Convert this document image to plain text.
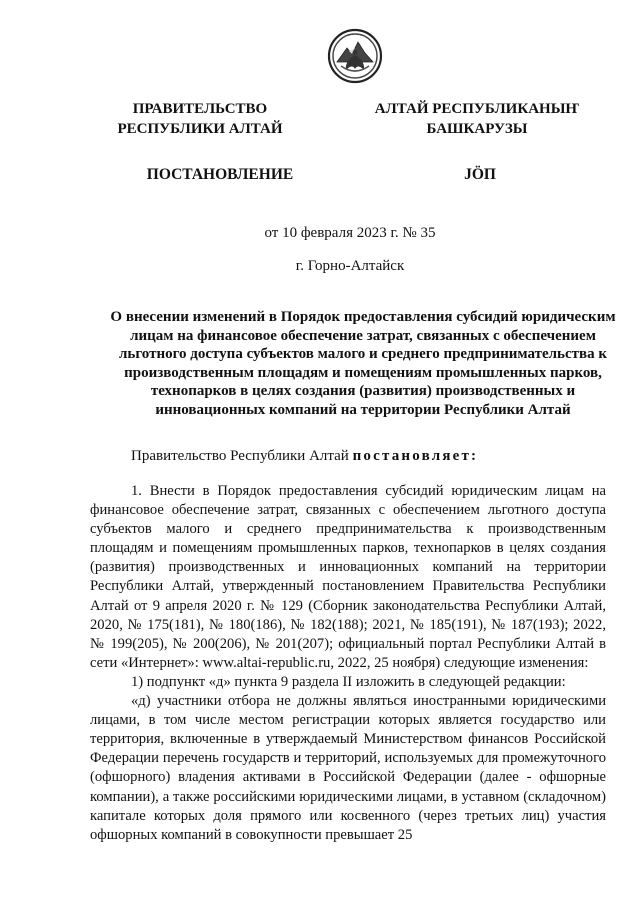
ПРАВИТЕЛЬСТВО
РЕСПУБЛИКИ АЛТАЙ
АЛТАЙ РЕСПУБЛИКАНЫҤ
БАШКАРУЗЫ
ПОСТАНОВЛЕНИЕ	JӦП

от 10 февраля 2023 г. № 35

г. Горно-Алтайск

О внесении изменений в Порядок предоставления субсидий юридическим лицам на финансовое обеспечение затрат, связанных с обеспечением льготного доступа субъектов малого и среднего предпринимательства к производственным площадям и помещениям промышленных парков, технопарков в целях создания (развития) производственных и инновационных компаний на территории Республики Алтай

Правительство Республики Алтай постановляет:

1. Внести в Порядок предоставления субсидий юридическим лицам на финансовое обеспечение затрат, связанных с обеспечением льготного доступа субъектов малого и среднего предпринимательства к производственным площадям и помещениям промышленных парков, технопарков в целях создания (развития) производственных и инновационных компаний на территории Республики Алтай, утвержденный постановлением Правительства Республики Алтай от 9 апреля 2020 г. № 129 (Сборник законодательства Республики Алтай, 2020, № 175(181), № 180(186), № 182(188); 2021, № 185(191), № 187(193); 2022, № 199(205), № 200(206), № 201(207); официальный портал Республики Алтай в сети «Интернет»: www.altai-republic.ru, 2022, 25 ноября) следующие изменения:

1) подпункт «д» пункта 9 раздела II изложить в следующей редакции:

«д) участники отбора не должны являться иностранными юридическими лицами, в том числе местом регистрации которых является государство или территория, включенные в утверждаемый Министерством финансов Российской Федерации перечень государств и территорий, используемых для промежуточного (офшорного) владения активами в Российской Федерации (далее - офшорные компании), а также российскими юридическими лицами, в уставном (складочном) капитале которых доля прямого или косвенного (через третьих лиц) участия офшорных компаний в совокупности превышает 25
